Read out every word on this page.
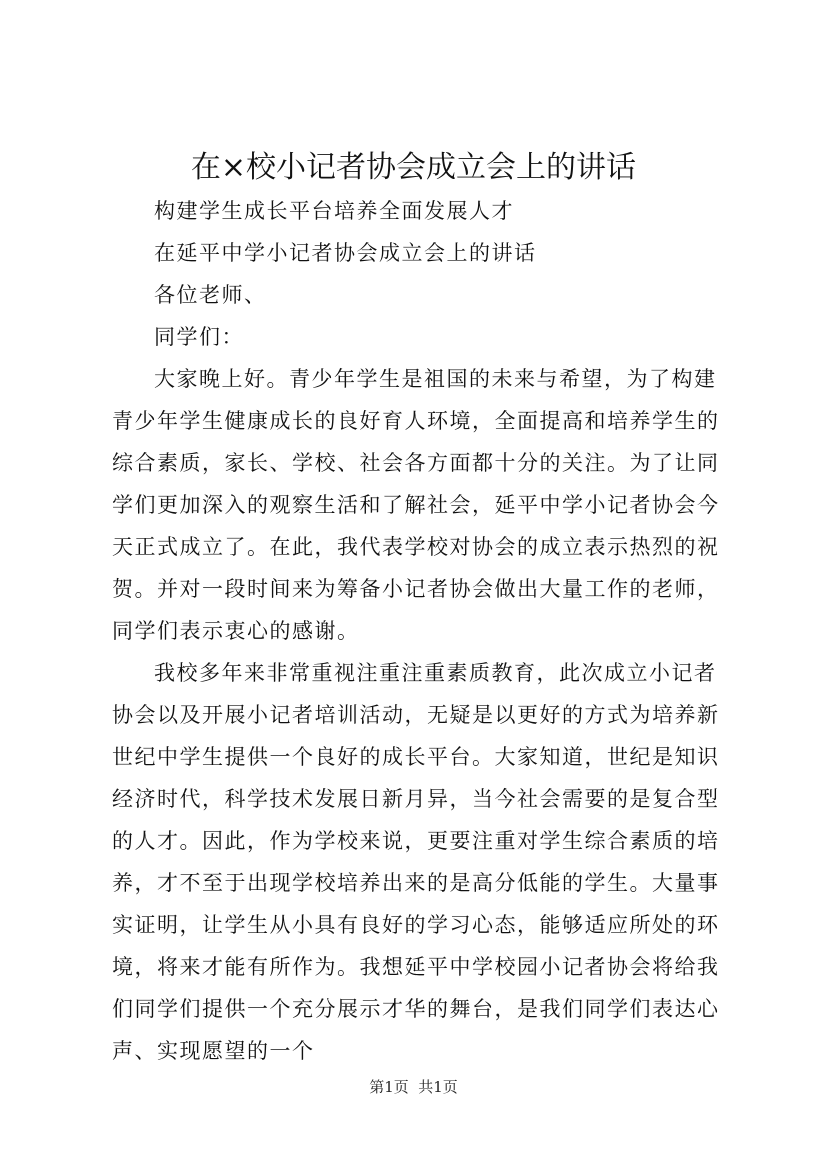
在×校小记者协会成立会上的讲话

构建学生成长平台培养全面发展人才

在延平中学小记者协会成立会上的讲话

各位老师、

同学们：

大家晚上好。青少年学生是祖国的未来与希望，为了构建青少年学生健康成长的良好育人环境，全面提高和培养学生的综合素质，家长、学校、社会各方面都十分的关注。为了让同学们更加深入的观察生活和了解社会，延平中学小记者协会今天正式成立了。在此，我代表学校对协会的成立表示热烈的祝贺。并对一段时间来为筹备小记者协会做出大量工作的老师，同学们表示衷心的感谢。

我校多年来非常重视注重注重素质教育，此次成立小记者协会以及开展小记者培训活动，无疑是以更好的方式为培养新世纪中学生提供一个良好的成长平台。大家知道，世纪是知识经济时代，科学技术发展日新月异，当今社会需要的是复合型的人才。因此，作为学校来说，更要注重对学生综合素质的培养，才不至于出现学校培养出来的是高分低能的学生。大量事实证明，让学生从小具有良好的学习心态，能够适应所处的环境，将来才能有所作为。我想延平中学校园小记者协会将给我们同学们提供一个充分展示才华的舞台，是我们同学们表达心声、实现愿望的一个

第1页  共1页
